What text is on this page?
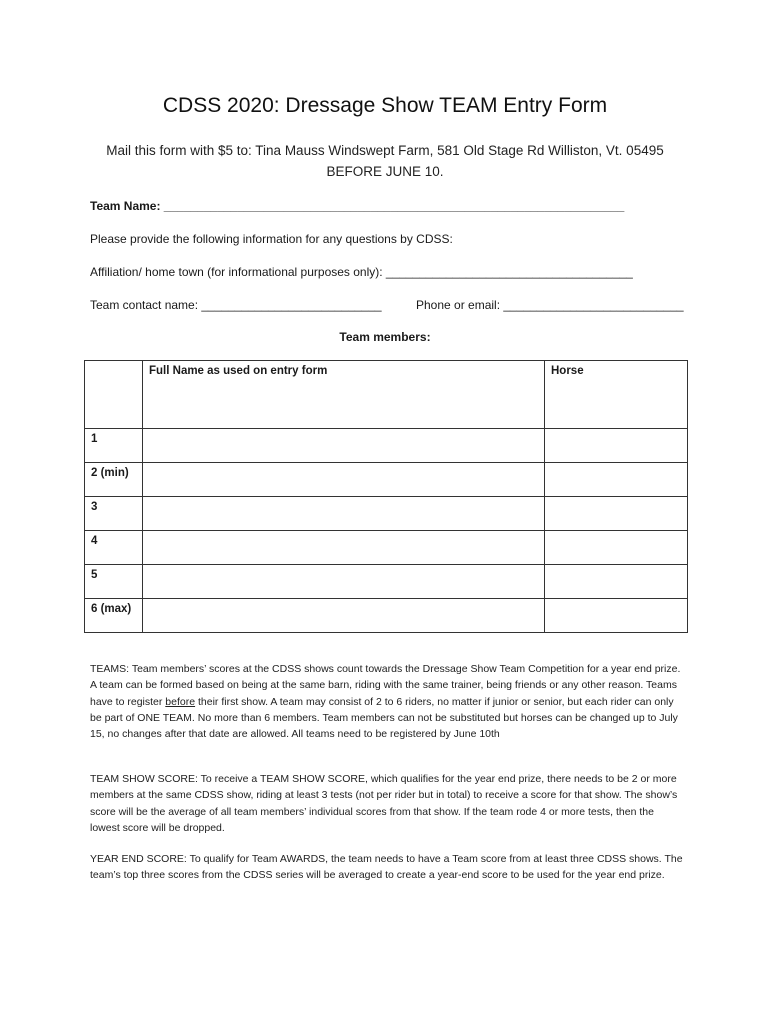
CDSS 2020: Dressage Show TEAM Entry Form
Mail this form with $5 to: Tina Mauss Windswept Farm, 581 Old Stage Rd Williston, Vt. 05495
BEFORE JUNE 10.
Team Name: _____________________________________________________________________
Please provide the following information for any questions by CDSS:
Affiliation/ home town (for informational purposes only): _____________________________________
Team contact name: ___________________________	Phone or email: ___________________________
Team members:
	Full Name as used on entry form	Horse
1		
2 (min)		
3		
4		
5		
6 (max)		
TEAMS: Team members’ scores at the CDSS shows count towards the Dressage Show Team Competition for a year end prize. A team can be formed based on being at the same barn, riding with the same trainer, being friends or any other reason. Teams have to register before their first show. A team may consist of 2 to 6 riders, no matter if junior or senior, but each rider can only be part of ONE TEAM. No more than 6 members. Team members can not be substituted but horses can be changed up to July 15, no changes after that date are allowed. All teams need to be registered by June 10th
TEAM SHOW SCORE: To receive a TEAM SHOW SCORE, which qualifies for the year end prize, there needs to be 2 or more members at the same CDSS show, riding at least 3 tests (not per rider but in total) to receive a score for that show. The show’s score will be the average of all team members’ individual scores from that show. If the team rode 4 or more tests, then the lowest score will be dropped.
YEAR END SCORE: To qualify for Team AWARDS, the team needs to have a Team score from at least three CDSS shows. The team’s top three scores from the CDSS series will be averaged to create a year-end score to be used for the year end prize.
